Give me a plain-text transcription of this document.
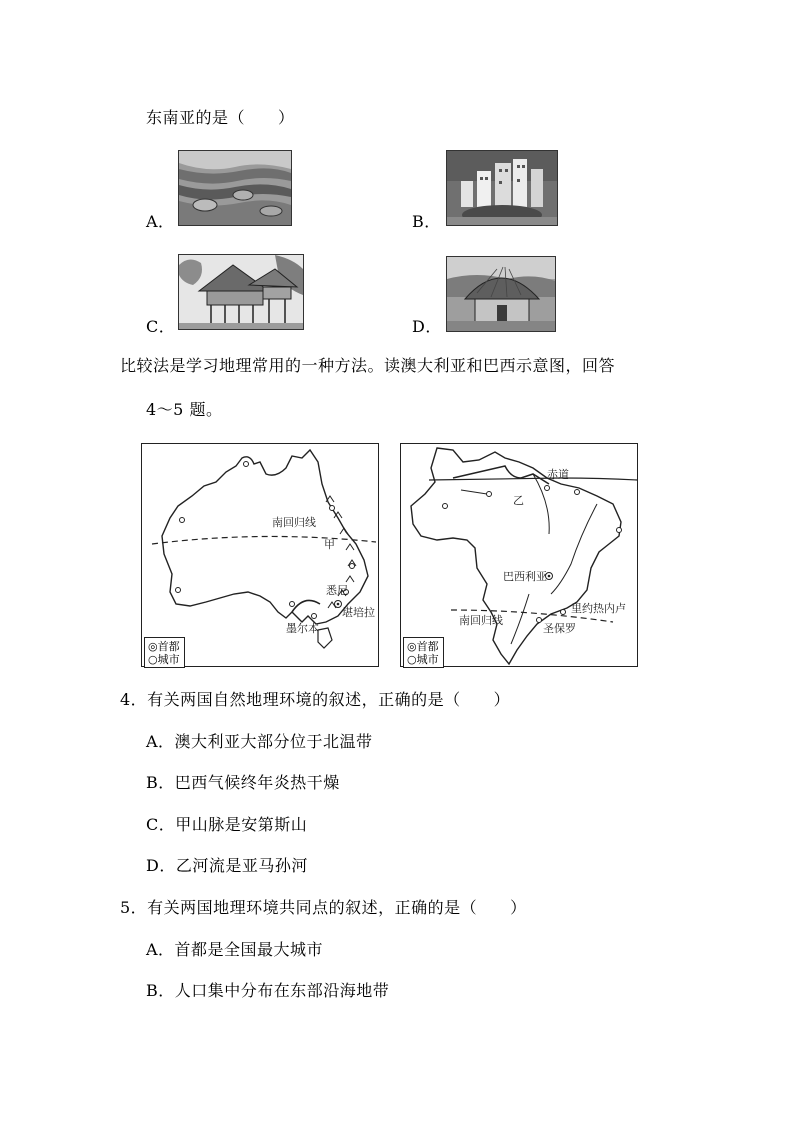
东南亚的是（　　）
A．	B．
C．	D．
比较法是学习地理常用的一种方法。读澳大利亚和巴西示意图，回答
4～5 题。
南回归线
甲
悉尼
堪培拉
墨尔本
◎首都
○城市
赤道
乙
巴西利亚
里约热内卢
圣保罗
南回归线
◎首都
○城市
4．有关两国自然地理环境的叙述，正确的是（　　）
A．澳大利亚大部分位于北温带
B．巴西气候终年炎热干燥
C．甲山脉是安第斯山
D．乙河流是亚马孙河
5．有关两国地理环境共同点的叙述，正确的是（　　）
A．首都是全国最大城市
B．人口集中分布在东部沿海地带
